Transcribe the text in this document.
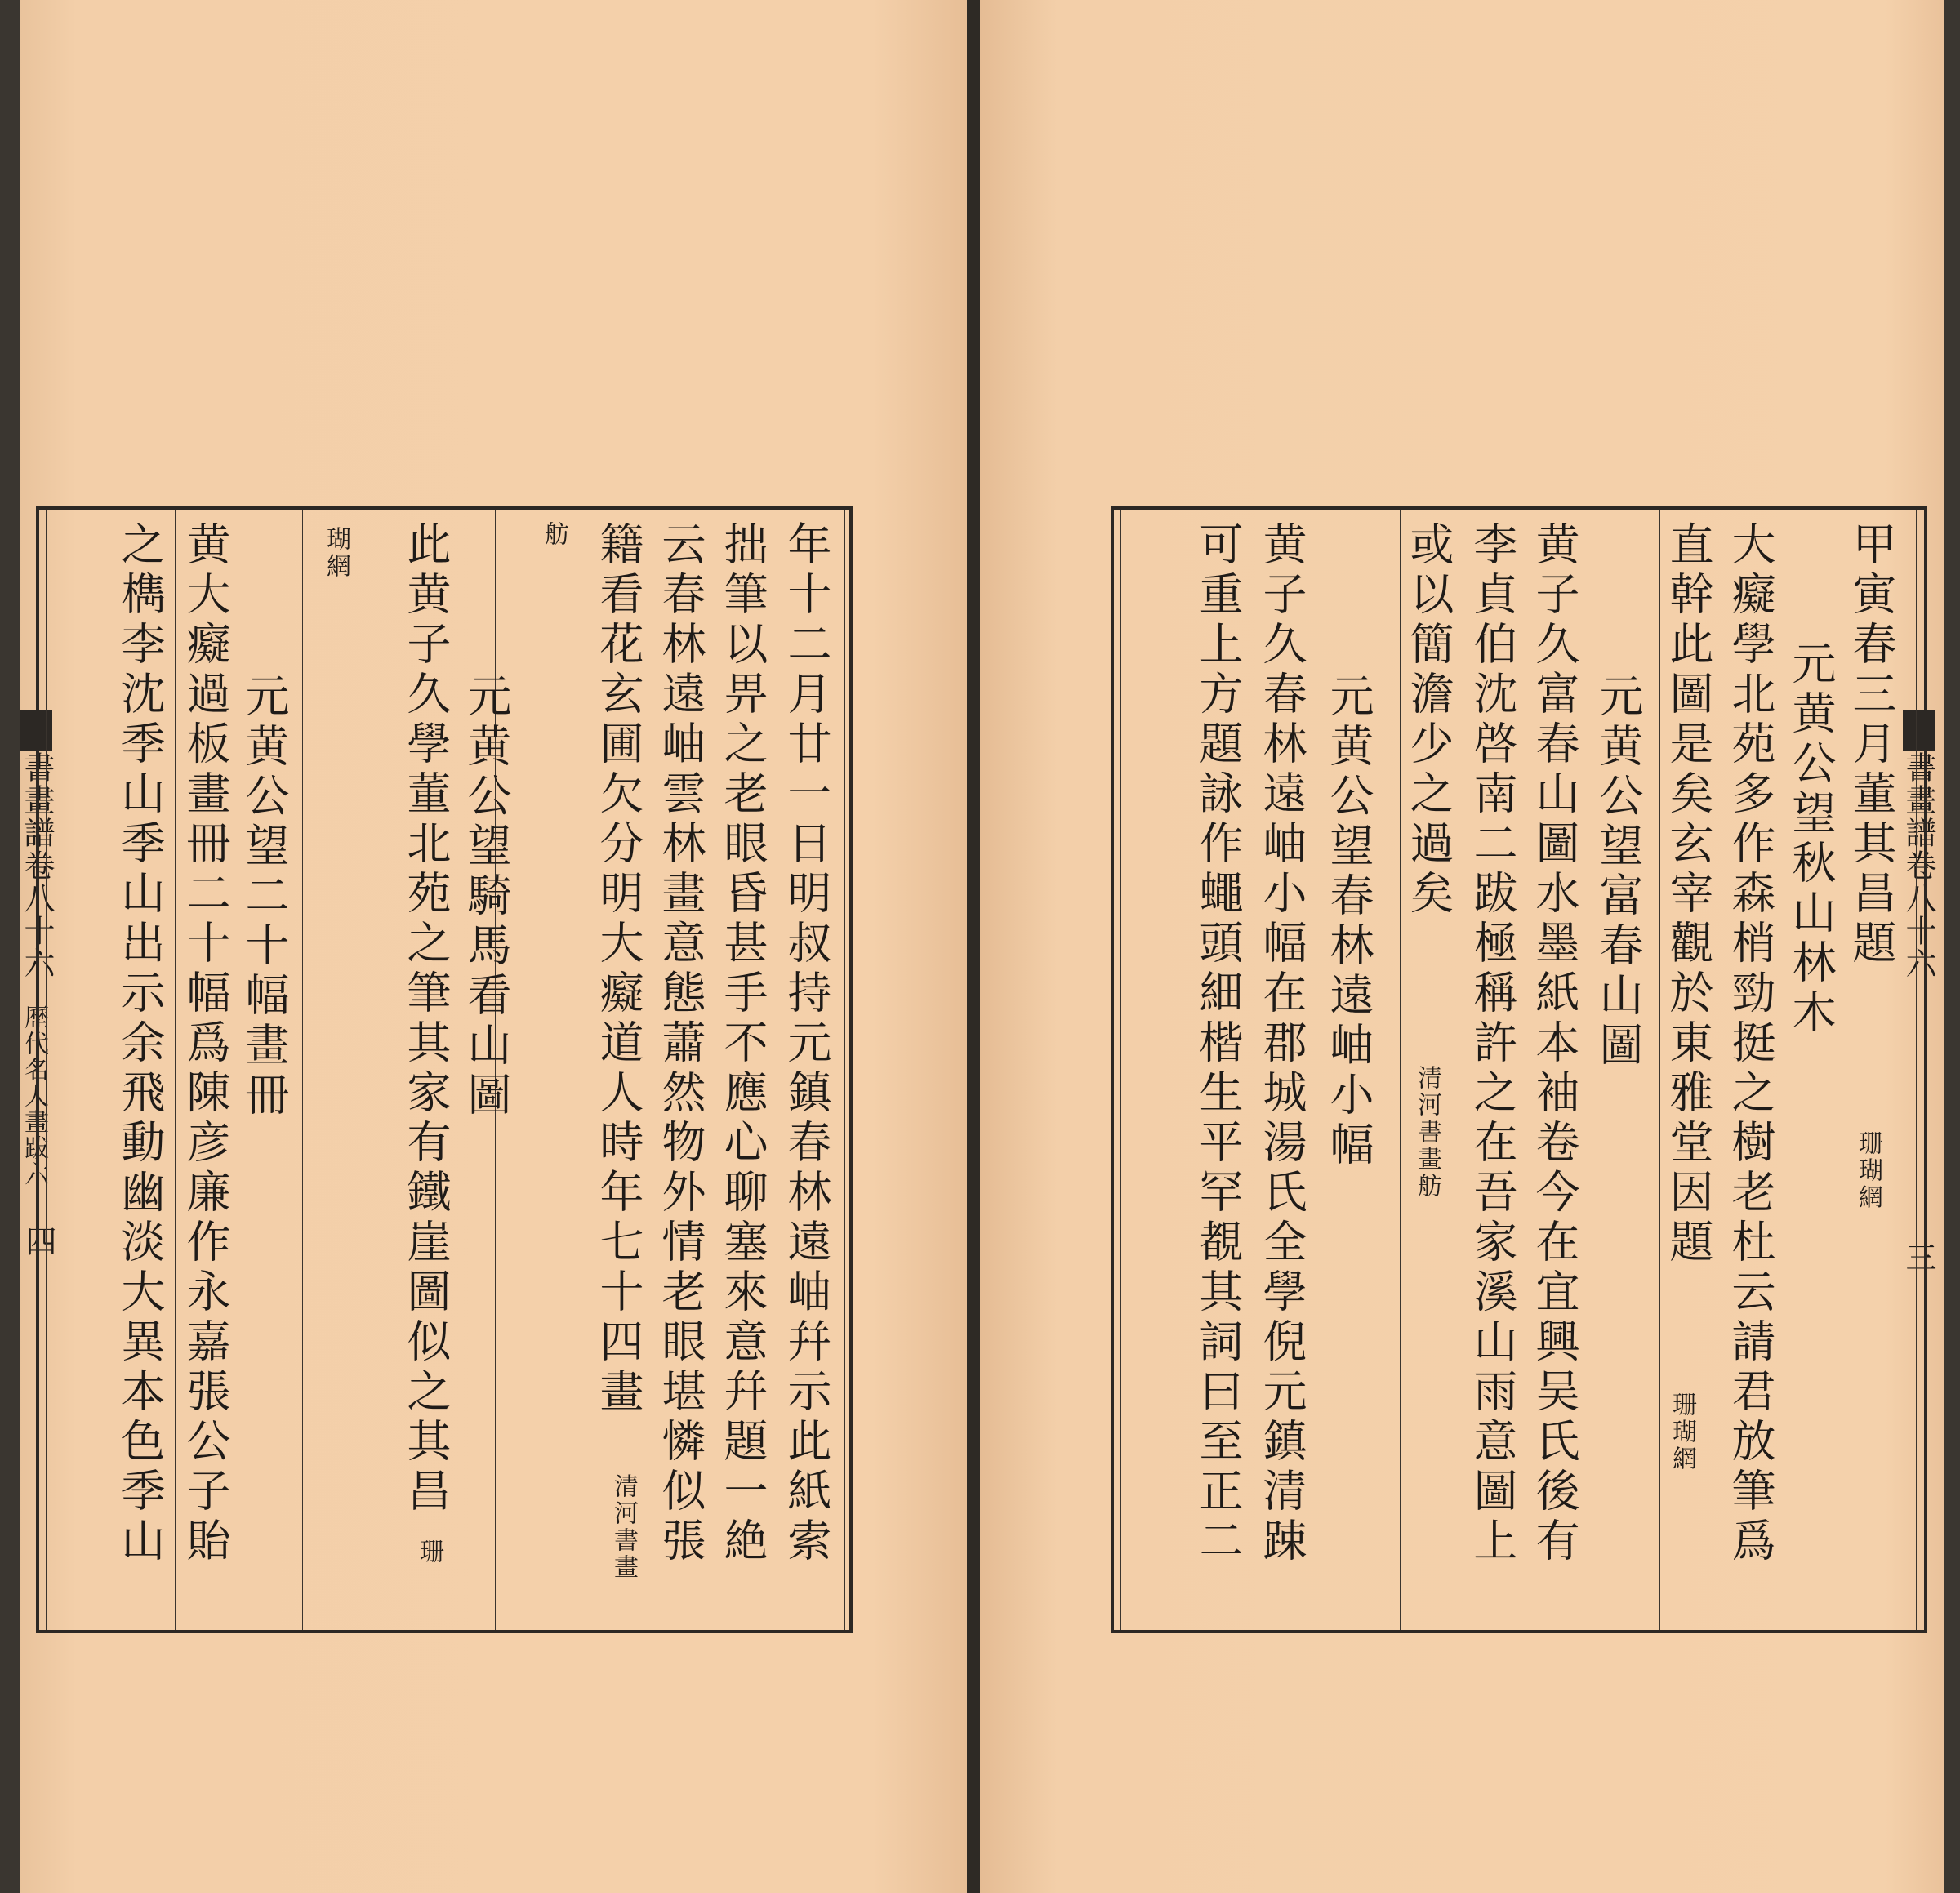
書畫譜卷八十六
歷代名人畫跋六
四	年十二月廿一日明叔持元鎮春林遠岫幷示此紙索
拙筆以畀之老眼昏甚手不應心聊塞來意幷題一絶
云春林遠岫雲林畫意態蕭然物外情老眼堪憐似張
籍看花玄圃欠分明大癡道人時年七十四畫
清河書畫
舫
元黄公望騎馬看山圖
此黄子久學董北苑之筆其家有鐵崖圖似之其昌
珊
瑚網
元黄公望二十幅畫冊
黄大癡過板畫冊二十幅爲陳彦廉作永嘉張公子貽
之檇李沈季山季山出示余飛動幽淡大異本色季山	書畫譜卷八十六
三
甲寅春三月董其昌題
珊瑚網
元黄公望秋山林木
大癡學北苑多作森梢勁挺之樹老杜云請君放筆爲
直幹此圖是矣玄宰觀於東雅堂因題
珊瑚網
元黄公望富春山圖
黄子久富春山圖水墨紙本袖卷今在宜興吴氏後有
李貞伯沈啓南二跋極稱許之在吾家溪山雨意圖上
或以簡澹少之過矣
清河書畫舫
元黄公望春林遠岫小幅
黄子久春林遠岫小幅在郡城湯氏全學倪元鎮清踈
可重上方題詠作蠅頭細楷生平罕覩其詞曰至正二
